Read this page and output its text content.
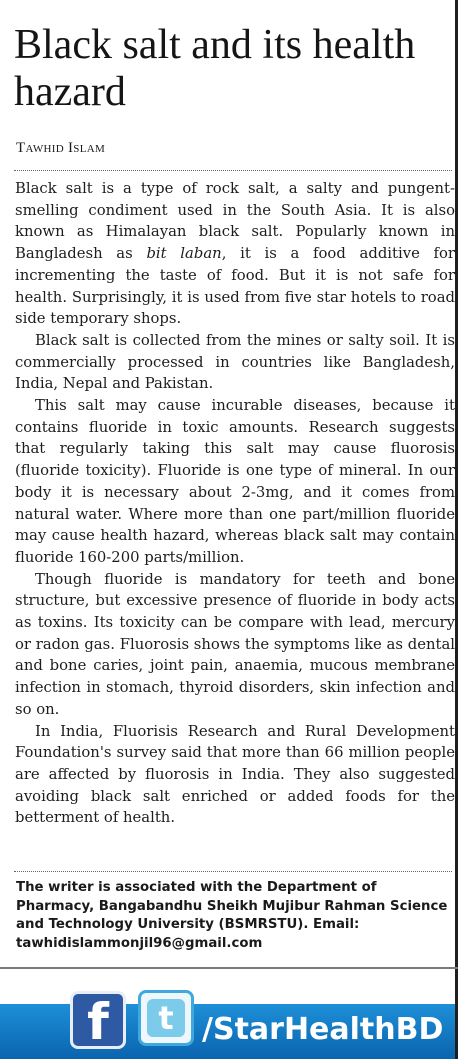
Black salt and its health hazard
Tawhid Islam

Black salt is a type of rock salt, a salty and pungent-smelling condiment used in the South Asia. It is also known as Himalayan black salt. Popularly known in Bangladesh as bit laban, it is a food additive for incrementing the taste of food. But it is not safe for health. Surprisingly, it is used from five star hotels to road side temporary shops.

Black salt is collected from the mines or salty soil. It is commercially processed in countries like Bangladesh, India, Nepal and Pakistan.

This salt may cause incurable diseases, because it contains fluoride in toxic amounts. Research suggests that regularly taking this salt may cause fluorosis (fluoride toxicity). Fluoride is one type of mineral. In our body it is necessary about 2-3mg, and it comes from natural water. Where more than one part/million fluoride may cause health hazard, whereas black salt may contain fluoride 160-200 parts/million.

Though fluoride is mandatory for teeth and bone structure, but excessive presence of fluoride in body acts as toxins. Its toxicity can be compare with lead, mercury or radon gas. Fluorosis shows the symptoms like as dental and bone caries, joint pain, anaemia, mucous membrane infection in stomach, thyroid disorders, skin infection and so on.

In India, Fluorisis Research and Rural Development Foundation's survey said that more than 66 million people are affected by fluorosis in India. They also suggested avoiding black salt enriched or added foods for the betterment of health.

The writer is associated with the Department of Pharmacy, Bangabandhu Sheikh Mujibur Rahman Science and Technology University (BSMRSTU). Email: tawhidislammonjil96@gmail.com
f	t /StarHealthBD
